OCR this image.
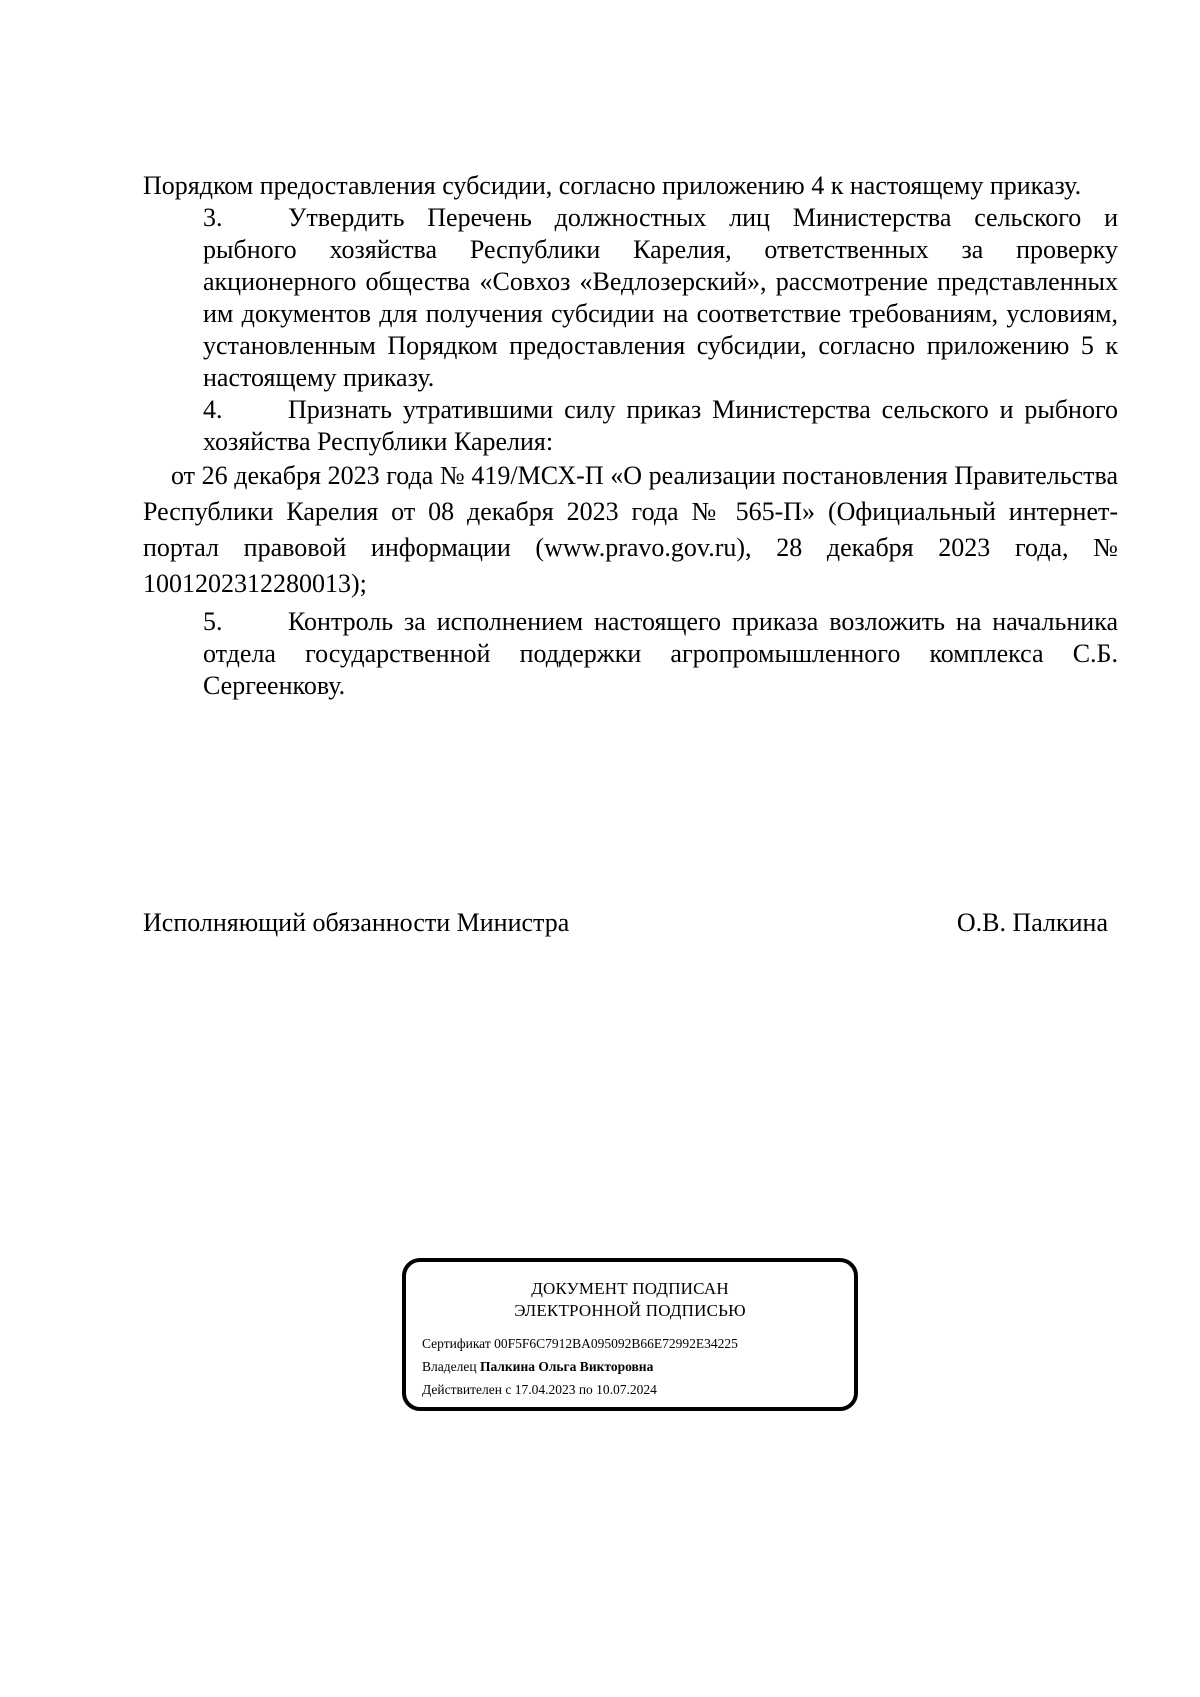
Порядком предоставления субсидии, согласно приложению 4 к настоящему приказу.

3.	Утвердить Перечень должностных лиц Министерства сельского и рыбного хозяйства Республики Карелия, ответственных за проверку акционерного общества «Совхоз «Ведлозерский», рассмотрение представленных им документов для получения субсидии на соответствие требованиям, условиям, установленным Порядком предоставления субсидии, согласно приложению 5 к настоящему приказу.

4.	Признать утратившими силу приказ Министерства сельского и рыбного хозяйства Республики Карелия:

от 26 декабря 2023 года № 419/МСХ-П «О реализации постановления Правительства Республики Карелия от 08 декабря 2023 года № 565-П» (Официальный интернет-портал правовой информации (www.pravo.gov.ru), 28 декабря 2023 года, № 1001202312280013);

5.	Контроль за исполнением настоящего приказа возложить на начальника отдела государственной поддержки агропромышленного комплекса С.Б. Сергеенкову.

Исполняющий обязанности Министра	О.В. Палкина
ДОКУМЕНТ ПОДПИСАН
ЭЛЕКТРОННОЙ ПОДПИСЬЮ
Сертификат 00F5F6C7912BA095092B66E72992E34225
Владелец Палкина Ольга Викторовна
Действителен с 17.04.2023 по 10.07.2024
